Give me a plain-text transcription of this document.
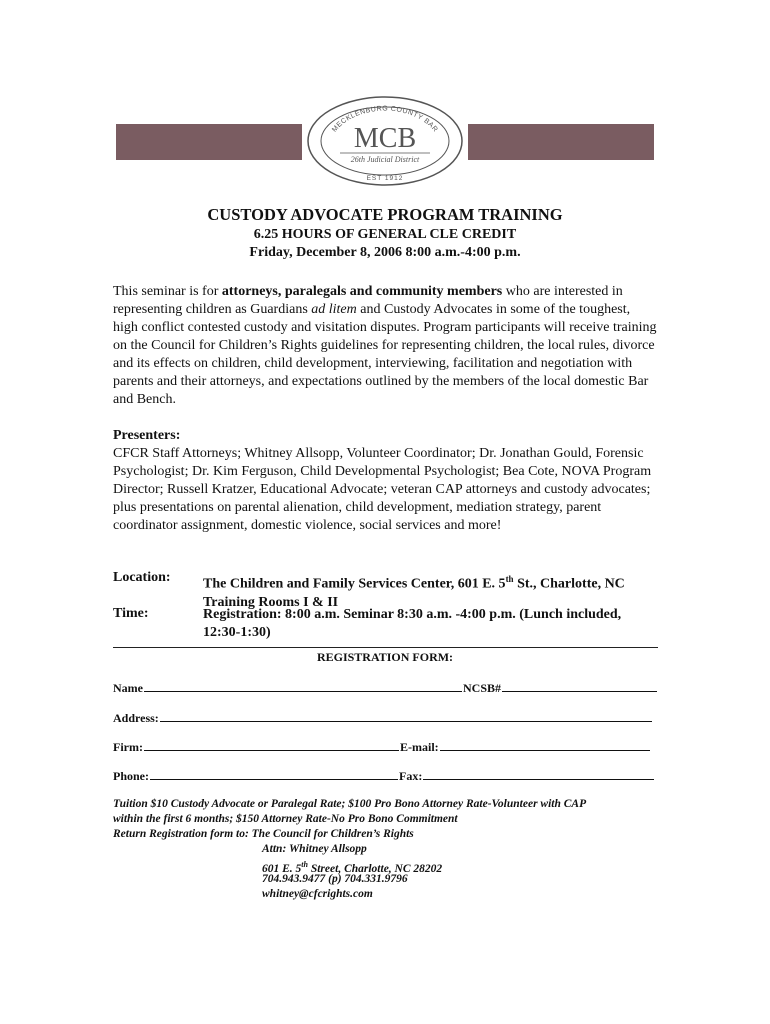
MECKLENBURG COUNTY BAR
MCB
26th Judicial District
EST 1912
CUSTODY ADVOCATE PROGRAM TRAINING
6.25 HOURS OF GENERAL CLE CREDIT
Friday, December 8, 2006 8:00 a.m.-4:00 p.m.

This seminar is for attorneys, paralegals and community members who are interested in representing children as Guardians ad litem and Custody Advocates in some of the toughest, high conflict contested custody and visitation disputes. Program participants will receive training on the Council for Children’s Rights guidelines for representing children, the local rules, divorce and its effects on children, child development, interviewing, facilitation and negotiation with parents and their attorneys, and expectations outlined by the members of the local domestic Bar and Bench.

Presenters:

CFCR Staff Attorneys; Whitney Allsopp, Volunteer Coordinator; Dr. Jonathan Gould, Forensic Psychologist; Dr. Kim Ferguson, Child Developmental Psychologist; Bea Cote, NOVA Program Director; Russell Kratzer, Educational Advocate; veteran CAP attorneys and custody advocates; plus presentations on parental alienation, child development, mediation strategy, parent coordinator assignment, domestic violence, social services and more!

Location: The Children and Family Services Center, 601 E. 5th St., Charlotte, NC Training Rooms I & II
Time:	Registration: 8:00 a.m. Seminar 8:30 a.m. -4:00 p.m. (Lunch included, 12:30-1:30)
REGISTRATION FORM:
Name	NCSB#
Address:
Firm:	E-mail:
Phone:	Fax:
Tuition $10 Custody Advocate or Paralegal Rate; $100 Pro Bono Attorney Rate-Volunteer with CAP
within the first 6 months; $150 Attorney Rate-No Pro Bono Commitment
Return Registration form to: The Council for Children’s Rights
Attn: Whitney Allsopp
601 E. 5th Street, Charlotte, NC 28202
704.943.9477 (p) 704.331.9796
whitney@cfcrights.com
